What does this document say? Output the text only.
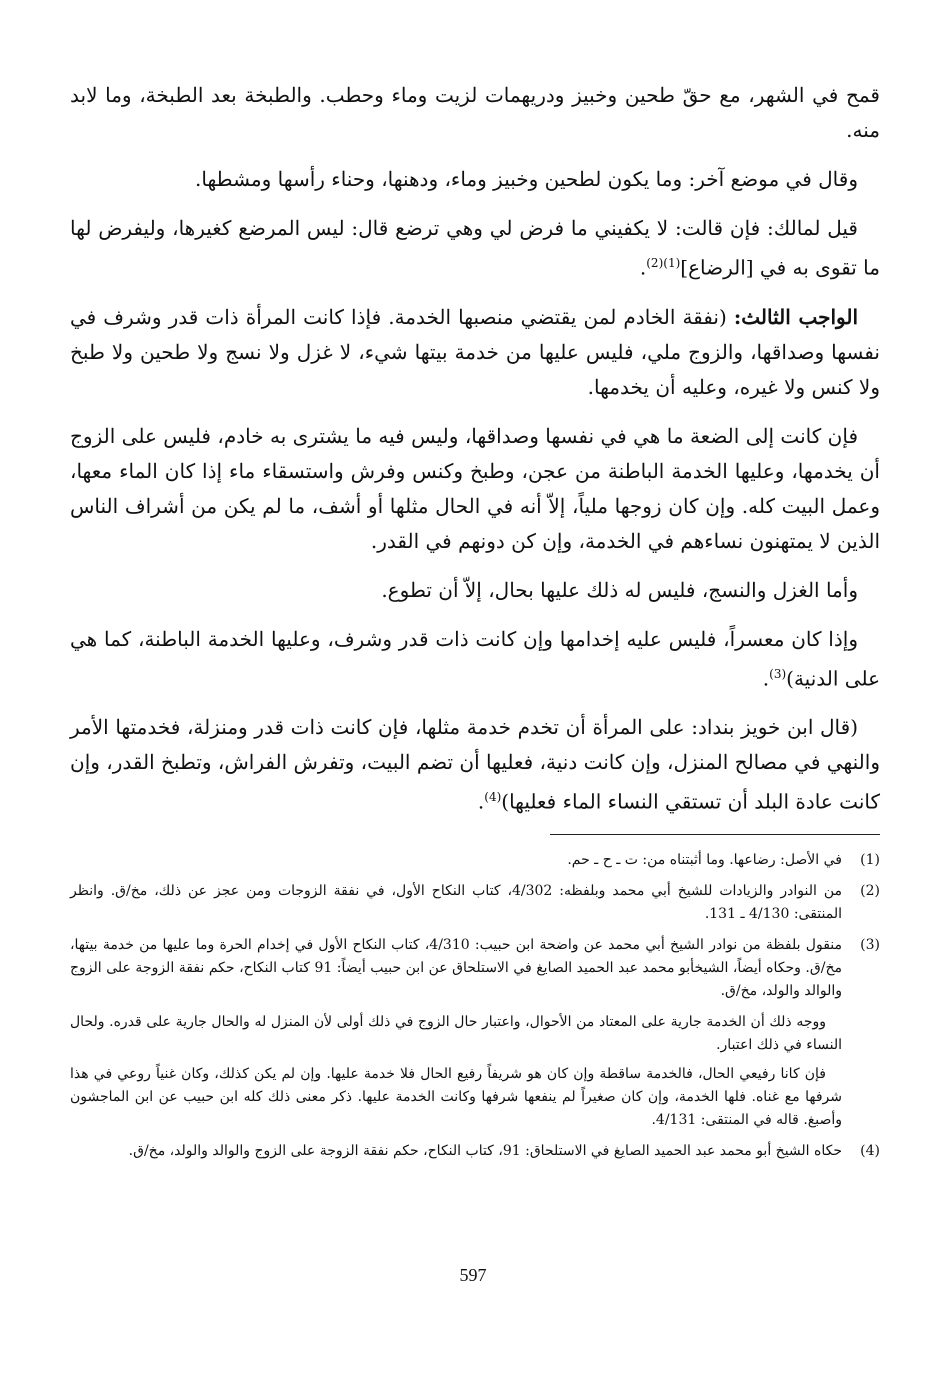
قمح في الشهر، مع حقّ طحين وخبيز ودريهمات لزيت وماء وحطب. والطبخة بعد الطبخة، وما لابد منه.

وقال في موضع آخر: وما يكون لطحين وخبيز وماء، ودهنها، وحناء رأسها ومشطها.

قيل لمالك: فإن قالت: لا يكفيني ما فرض لي وهي ترضع قال: ليس المرضع كغيرها، وليفرض لها ما تقوى به في [الرضاع]$^{(1)(2)}$.

الواجب الثالث: (نفقة الخادم لمن يقتضي منصبها الخدمة. فإذا كانت المرأة ذات قدر وشرف في نفسها وصداقها، والزوج ملي، فليس عليها من خدمة بيتها شيء، لا غزل ولا نسج ولا طحين ولا طبخ ولا كنس ولا غيره، وعليه أن يخدمها.

فإن كانت إلى الضعة ما هي في نفسها وصداقها، وليس فيه ما يشترى به خادم، فليس على الزوج أن يخدمها، وعليها الخدمة الباطنة من عجن، وطبخ وكنس وفرش واستسقاء ماء إذا كان الماء معها، وعمل البيت كله. وإن كان زوجها ملياً، إلاّ أنه في الحال مثلها أو أشف، ما لم يكن من أشراف الناس الذين لا يمتهنون نساءهم في الخدمة، وإن كن دونهم في القدر.

وأما الغزل والنسج، فليس له ذلك عليها بحال، إلاّ أن تطوع.

وإذا كان معسراً، فليس عليه إخدامها وإن كانت ذات قدر وشرف، وعليها الخدمة الباطنة، كما هي على الدنية)$^{(3)}$.

(قال ابن خويز بنداد: على المرأة أن تخدم خدمة مثلها، فإن كانت ذات قدر ومنزلة، فخدمتها الأمر والنهي في مصالح المنزل، وإن كانت دنية، فعليها أن تضم البيت، وتفرش الفراش، وتطبخ القدر، وإن كانت عادة البلد أن تستقي النساء الماء فعليها)$^{(4)}$.

(1)
في الأصل: رضاعها. وما أثبتناه من: ت ـ ح ـ حم.
(2)
من النوادر والزيادات للشيخ أبي محمد وبلفظه: 4/302، كتاب النكاح الأول، في نفقة الزوجات ومن عجز عن ذلك، مخ/ق. وانظر المنتقى: 4/130 ـ 131.
(3)
منقول بلفظة من نوادر الشيخ أبي محمد عن واضحة ابن حبيب: 4/310، كتاب النكاح الأول في إخدام الحرة وما عليها من خدمة بيتها، مخ/ق. وحكاه أيضاً، الشيخأبو محمد عبد الحميد الصايغ في الاستلحاق عن ابن حبيب أيضاً: 91 كتاب النكاح، حكم نفقة الزوجة على الزوج والوالد والولد، مخ/ق.

ووجه ذلك أن الخدمة جارية على المعتاد من الأحوال، واعتبار حال الزوج في ذلك أولى لأن المنزل له والحال جارية على قدره. ولحال النساء في ذلك اعتبار.

فإن كانا رفيعي الحال، فالخدمة ساقطة وإن كان هو شريفاً رفيع الحال فلا خدمة عليها. وإن لم يكن كذلك، وكان غنياً روعي في هذا شرفها مع غناه. فلها الخدمة، وإن كان صغيراً لم ينفعها شرفها وكانت الخدمة عليها. ذكر معنى ذلك كله ابن حبيب عن ابن الماجشون وأصبغ. قاله في المنتقى: 4/131.

(4)
حكاه الشيخ أبو محمد عبد الحميد الصايغ في الاستلحاق: 91، كتاب النكاح، حكم نفقة الزوجة على الزوج والوالد والولد، مخ/ق.
597
